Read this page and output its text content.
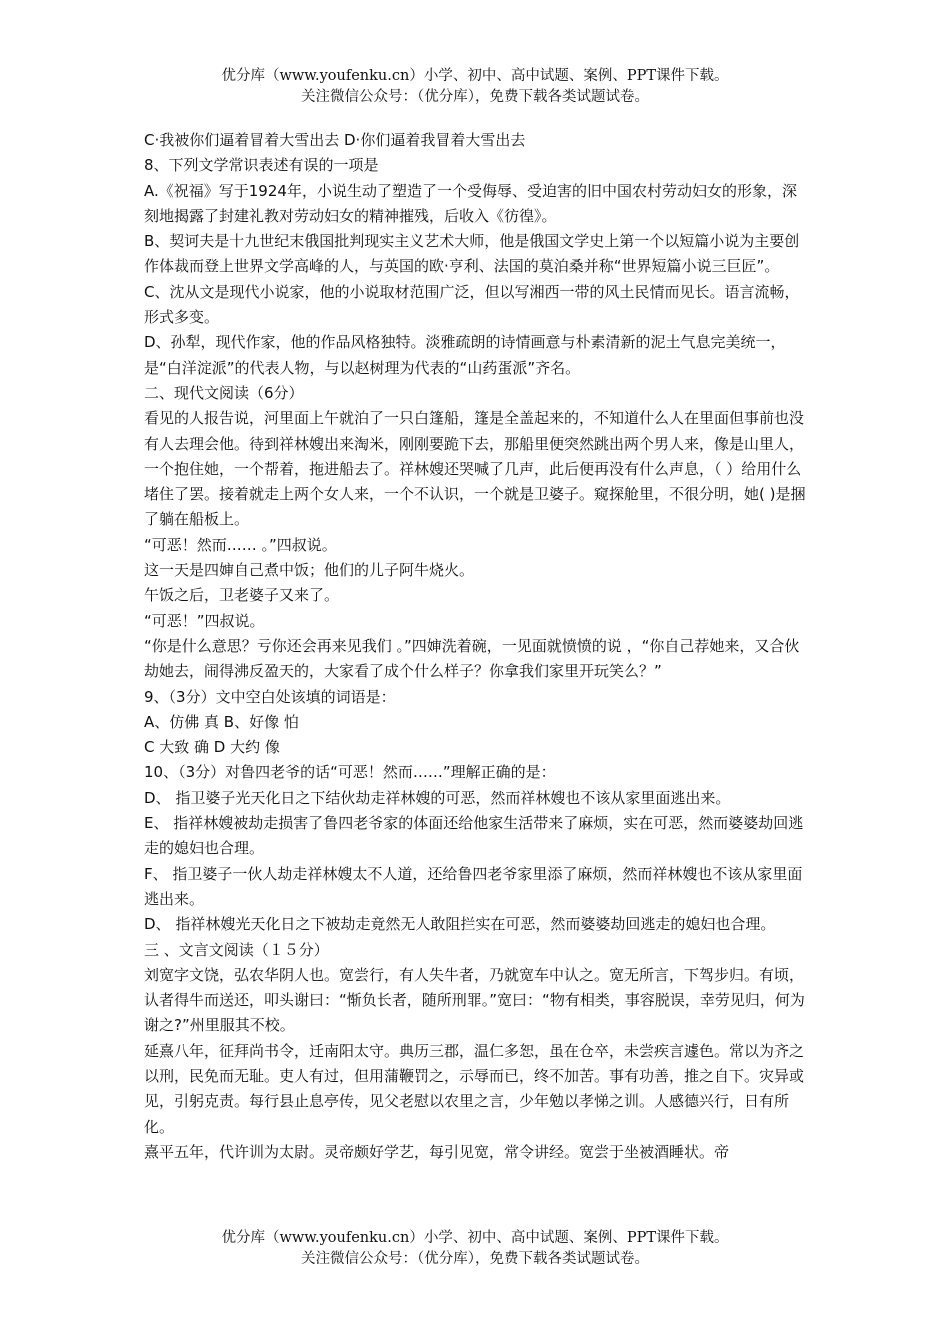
优分库（www.youfenku.cn）小学、初中、高中试题、案例、PPT课件下载。
关注微信公众号：（优分库），免费下载各类试题试卷。

C·我被你们逼着冒着大雪出去 D·你们逼着我冒着大雪出去

8、下列文学常识表述有误的一项是

A.《祝福》写于1924年，小说生动了塑造了一个受侮辱、受迫害的旧中国农村劳动妇女的形象，深刻地揭露了封建礼教对劳动妇女的精神摧残，后收入《彷徨》。

B、契诃夫是十九世纪末俄国批判现实主义艺术大师，他是俄国文学史上第一个以短篇小说为主要创作体裁而登上世界文学高峰的人，与英国的欧·亨利、法国的莫泊桑并称“世界短篇小说三巨匠”。

C、沈从文是现代小说家，他的小说取材范围广泛，但以写湘西一带的风土民情而见长。语言流畅，形式多变。

D、孙犁，现代作家，他的作品风格独特。淡雅疏朗的诗情画意与朴素清新的泥土气息完美统一，是“白洋淀派”的代表人物，与以赵树理为代表的“山药蛋派”齐名。

二、现代文阅读（6分）

看见的人报告说，河里面上午就泊了一只白篷船，篷是全盖起来的，不知道什么人在里面但事前也没有人去理会他。待到祥林嫂出来淘米，刚刚要跪下去，那船里便突然跳出两个男人来，像是山里人，一个抱住她，一个帮着，拖进船去了。祥林嫂还哭喊了几声，此后便再没有什么声息，（ ）给用什么堵住了罢。接着就走上两个女人来，一个不认识，一个就是卫婆子。窥探舱里，不很分明，她( )是捆了躺在船板上。

“可恶！然而…… 。”四叔说。

这一天是四婶自己煮中饭；他们的儿子阿牛烧火。

午饭之后，卫老婆子又来了。

“可恶！”四叔说。

“你是什么意思？亏你还会再来见我们 。”四婶洗着碗，一见面就愤愤的说 ，“你自己荐她来，又合伙劫她去，闹得沸反盈天的，大家看了成个什么样子？你拿我们家里开玩笑么？”

9、（3分）文中空白处该填的词语是：

A、仿佛 真 B、好像 怕

C 大致 确 D 大约 像

10、（3分）对鲁四老爷的话“可恶！然而……”理解正确的是：

D、 指卫婆子光天化日之下结伙劫走祥林嫂的可恶，然而祥林嫂也不该从家里面逃出来。

E、 指祥林嫂被劫走损害了鲁四老爷家的体面还给他家生活带来了麻烦，实在可恶，然而婆婆劫回逃走的媳妇也合理。

F、 指卫婆子一伙人劫走祥林嫂太不人道，还给鲁四老爷家里添了麻烦，然而祥林嫂也不该从家里面逃出来。

D、 指祥林嫂光天化日之下被劫走竟然无人敢阻拦实在可恶，然而婆婆劫回逃走的媳妇也合理。

三 、文言文阅读（１５分）

刘宽字文饶，弘农华阴人也。宽尝行，有人失牛者，乃就宽车中认之。宽无所言，下驾步归。有顷，认者得牛而送还，叩头谢曰：“惭负长者，随所刑罪。”宽曰：“物有相类，事容脱误，幸劳见归，何为谢之?”州里服其不校。

延熹八年，征拜尚书令，迁南阳太守。典历三郡，温仁多恕，虽在仓卒，未尝疾言遽色。常以为齐之以刑，民免而无耻。吏人有过，但用蒲鞭罚之，示辱而已，终不加苦。事有功善，推之自下。灾异或见，引躬克责。每行县止息亭传，见父老慰以农里之言，少年勉以孝悌之训。人感德兴行，日有所化。

熹平五年，代许训为太尉。灵帝颇好学艺，每引见宽，常令讲经。宽尝于坐被酒睡状。帝

优分库（www.youfenku.cn）小学、初中、高中试题、案例、PPT课件下载。
关注微信公众号：（优分库），免费下载各类试题试卷。
